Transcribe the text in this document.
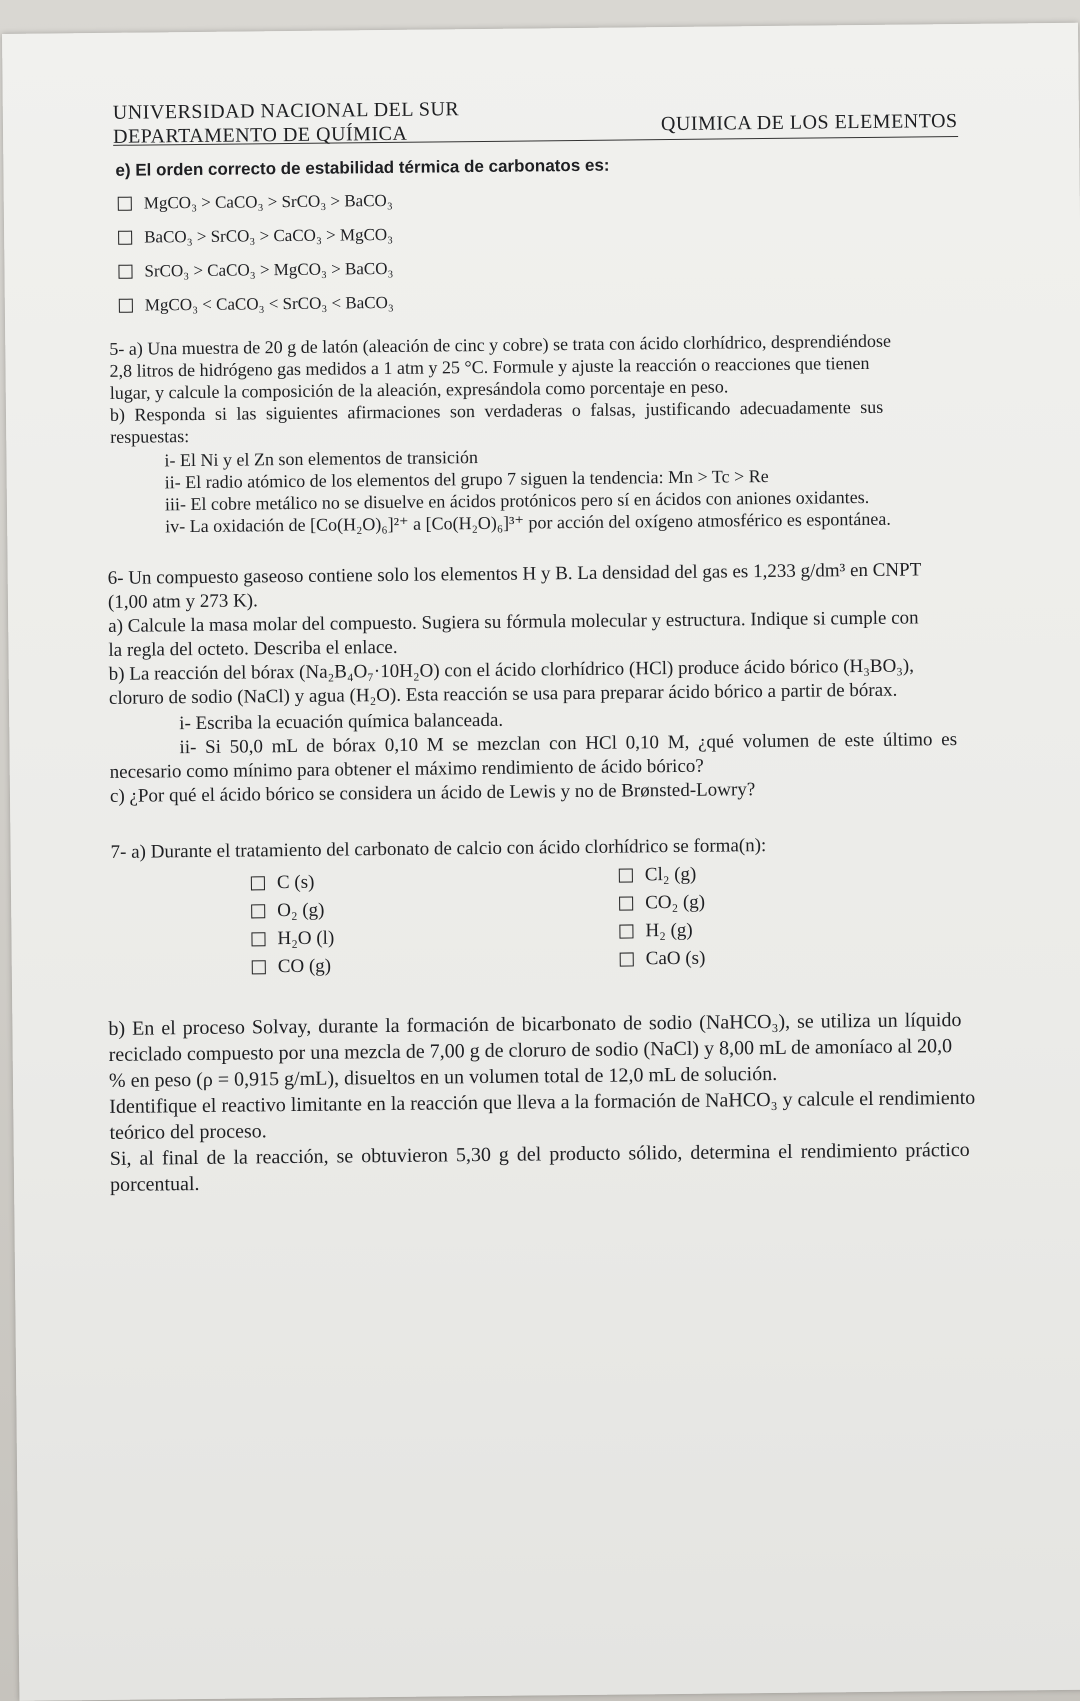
UNIVERSIDAD NACIONAL DEL SUR
DEPARTAMENTO DE QUÍMICA
QUIMICA DE LOS ELEMENTOS
e) El orden correcto de estabilidad térmica de carbonatos es:
MgCO₃ > CaCO₃ > SrCO₃ > BaCO₃
BaCO₃ > SrCO₃ > CaCO₃ > MgCO₃
SrCO₃ > CaCO₃ > MgCO₃ > BaCO₃
MgCO₃ < CaCO₃ < SrCO₃ < BaCO₃
5- a) Una muestra de 20 g de latón (aleación de cinc y cobre) se trata con ácido clorhídrico, desprendiéndose
2,8 litros de hidrógeno gas medidos a 1 atm y 25 °C. Formule y ajuste la reacción o reacciones que tienen
lugar, y calcule la composición de la aleación, expresándola como porcentaje en peso.
b) Responda si las siguientes afirmaciones son verdaderas o falsas, justificando adecuadamente sus
respuestas:
i- El Ni y el Zn son elementos de transición
ii- El radio atómico de los elementos del grupo 7 siguen la tendencia: Mn > Tc > Re
iii- El cobre metálico no se disuelve en ácidos protónicos pero sí en ácidos con aniones oxidantes.
iv- La oxidación de [Co(H₂O)₆]²⁺ a [Co(H₂O)₆]³⁺ por acción del oxígeno atmosférico es espontánea.
6- Un compuesto gaseoso contiene solo los elementos H y B. La densidad del gas es 1,233 g/dm³ en CNPT
(1,00 atm y 273 K).
a) Calcule la masa molar del compuesto. Sugiera su fórmula molecular y estructura. Indique si cumple con
la regla del octeto. Describa el enlace.
b) La reacción del bórax (Na₂B₄O₇·10H₂O) con el ácido clorhídrico (HCl) produce ácido bórico (H₃BO₃),
cloruro de sodio (NaCl) y agua (H₂O). Esta reacción se usa para preparar ácido bórico a partir de bórax.
i- Escriba la ecuación química balanceada.
ii- Si 50,0 mL de bórax 0,10 M se mezclan con HCl 0,10 M, ¿qué volumen de este último es
necesario como mínimo para obtener el máximo rendimiento de ácido bórico?
c) ¿Por qué el ácido bórico se considera un ácido de Lewis y no de Brønsted-Lowry?
7- a) Durante el tratamiento del carbonato de calcio con ácido clorhídrico se forma(n):
C (s)
O₂ (g)
H₂O (l)
CO (g)
Cl₂ (g)
CO₂ (g)
H₂ (g)
CaO (s)
b) En el proceso Solvay, durante la formación de bicarbonato de sodio (NaHCO₃), se utiliza un líquido
reciclado compuesto por una mezcla de 7,00 g de cloruro de sodio (NaCl) y 8,00 mL de amoníaco al 20,0
% en peso (ρ = 0,915 g/mL), disueltos en un volumen total de 12,0 mL de solución.
Identifique el reactivo limitante en la reacción que lleva a la formación de NaHCO₃ y calcule el rendimiento
teórico del proceso.
Si, al final de la reacción, se obtuvieron 5,30 g del producto sólido, determina el rendimiento práctico
porcentual.
